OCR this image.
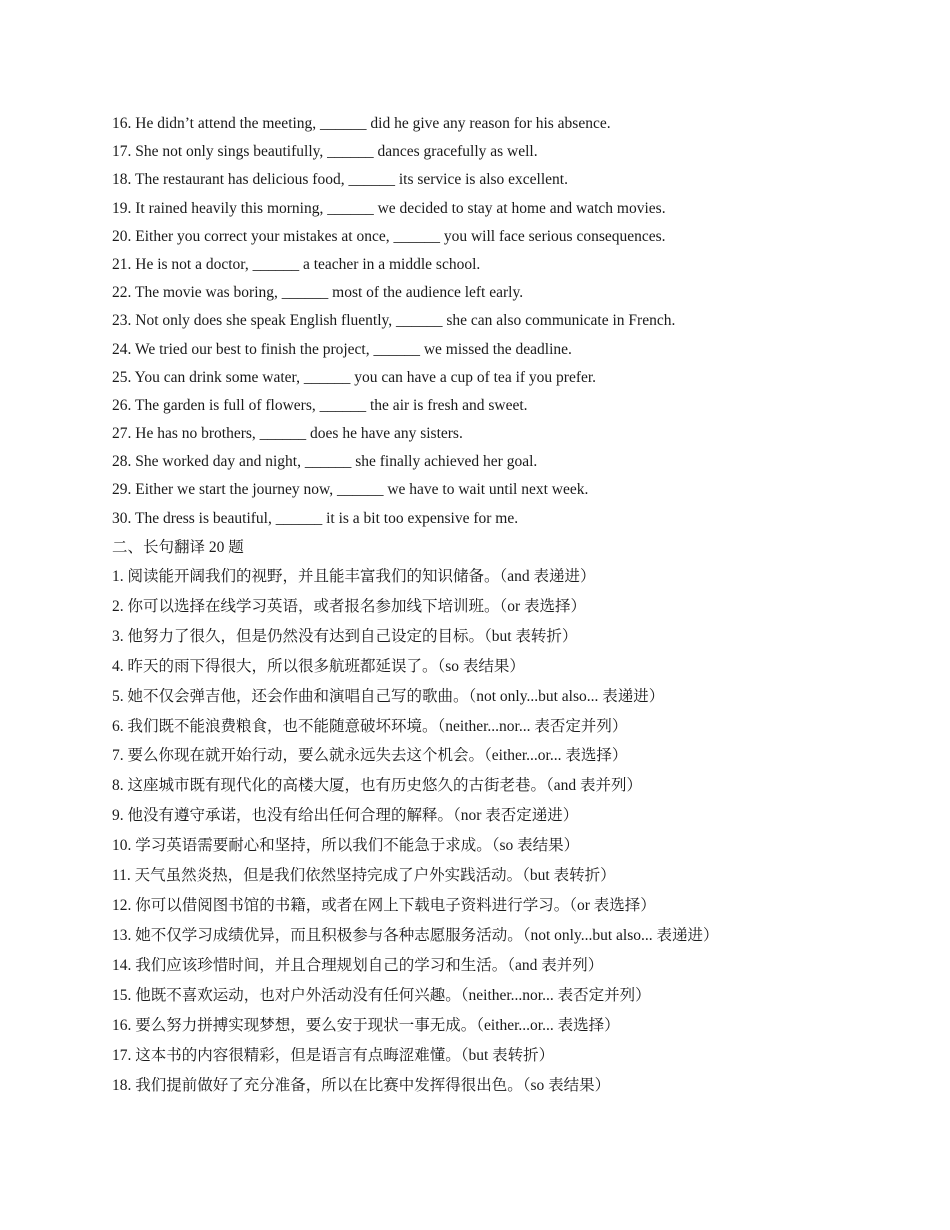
16. He didn’t attend the meeting, ______ did he give any reason for his absence.
17. She not only sings beautifully, ______ dances gracefully as well.
18. The restaurant has delicious food, ______ its service is also excellent.
19. It rained heavily this morning, ______ we decided to stay at home and watch movies.
20. Either you correct your mistakes at once, ______ you will face serious consequences.
21. He is not a doctor, ______ a teacher in a middle school.
22. The movie was boring, ______ most of the audience left early.
23. Not only does she speak English fluently, ______ she can also communicate in French.
24. We tried our best to finish the project, ______ we missed the deadline.
25. You can drink some water, ______ you can have a cup of tea if you prefer.
26. The garden is full of flowers, ______ the air is fresh and sweet.
27. He has no brothers, ______ does he have any sisters.
28. She worked day and night, ______ she finally achieved her goal.
29. Either we start the journey now, ______ we have to wait until next week.
30. The dress is beautiful, ______ it is a bit too expensive for me.
二、长句翻译 20 题
1. 阅读能开阔我们的视野，并且能丰富我们的知识储备。（and 表递进）
2. 你可以选择在线学习英语，或者报名参加线下培训班。（or 表选择）
3. 他努力了很久，但是仍然没有达到自己设定的目标。（but 表转折）
4. 昨天的雨下得很大，所以很多航班都延误了。（so 表结果）
5. 她不仅会弹吉他，还会作曲和演唱自己写的歌曲。（not only...but also... 表递进）
6. 我们既不能浪费粮食，也不能随意破坏环境。（neither...nor... 表否定并列）
7. 要么你现在就开始行动，要么就永远失去这个机会。（either...or... 表选择）
8. 这座城市既有现代化的高楼大厦，也有历史悠久的古街老巷。（and 表并列）
9. 他没有遵守承诺，也没有给出任何合理的解释。（nor 表否定递进）
10. 学习英语需要耐心和坚持，所以我们不能急于求成。（so 表结果）
11. 天气虽然炎热，但是我们依然坚持完成了户外实践活动。（but 表转折）
12. 你可以借阅图书馆的书籍，或者在网上下载电子资料进行学习。（or 表选择）
13. 她不仅学习成绩优异，而且积极参与各种志愿服务活动。（not only...but also... 表递进）
14. 我们应该珍惜时间，并且合理规划自己的学习和生活。（and 表并列）
15. 他既不喜欢运动，也对户外活动没有任何兴趣。（neither...nor... 表否定并列）
16. 要么努力拼搏实现梦想，要么安于现状一事无成。（either...or... 表选择）
17. 这本书的内容很精彩，但是语言有点晦涩难懂。（but 表转折）
18. 我们提前做好了充分准备，所以在比赛中发挥得很出色。（so 表结果）
